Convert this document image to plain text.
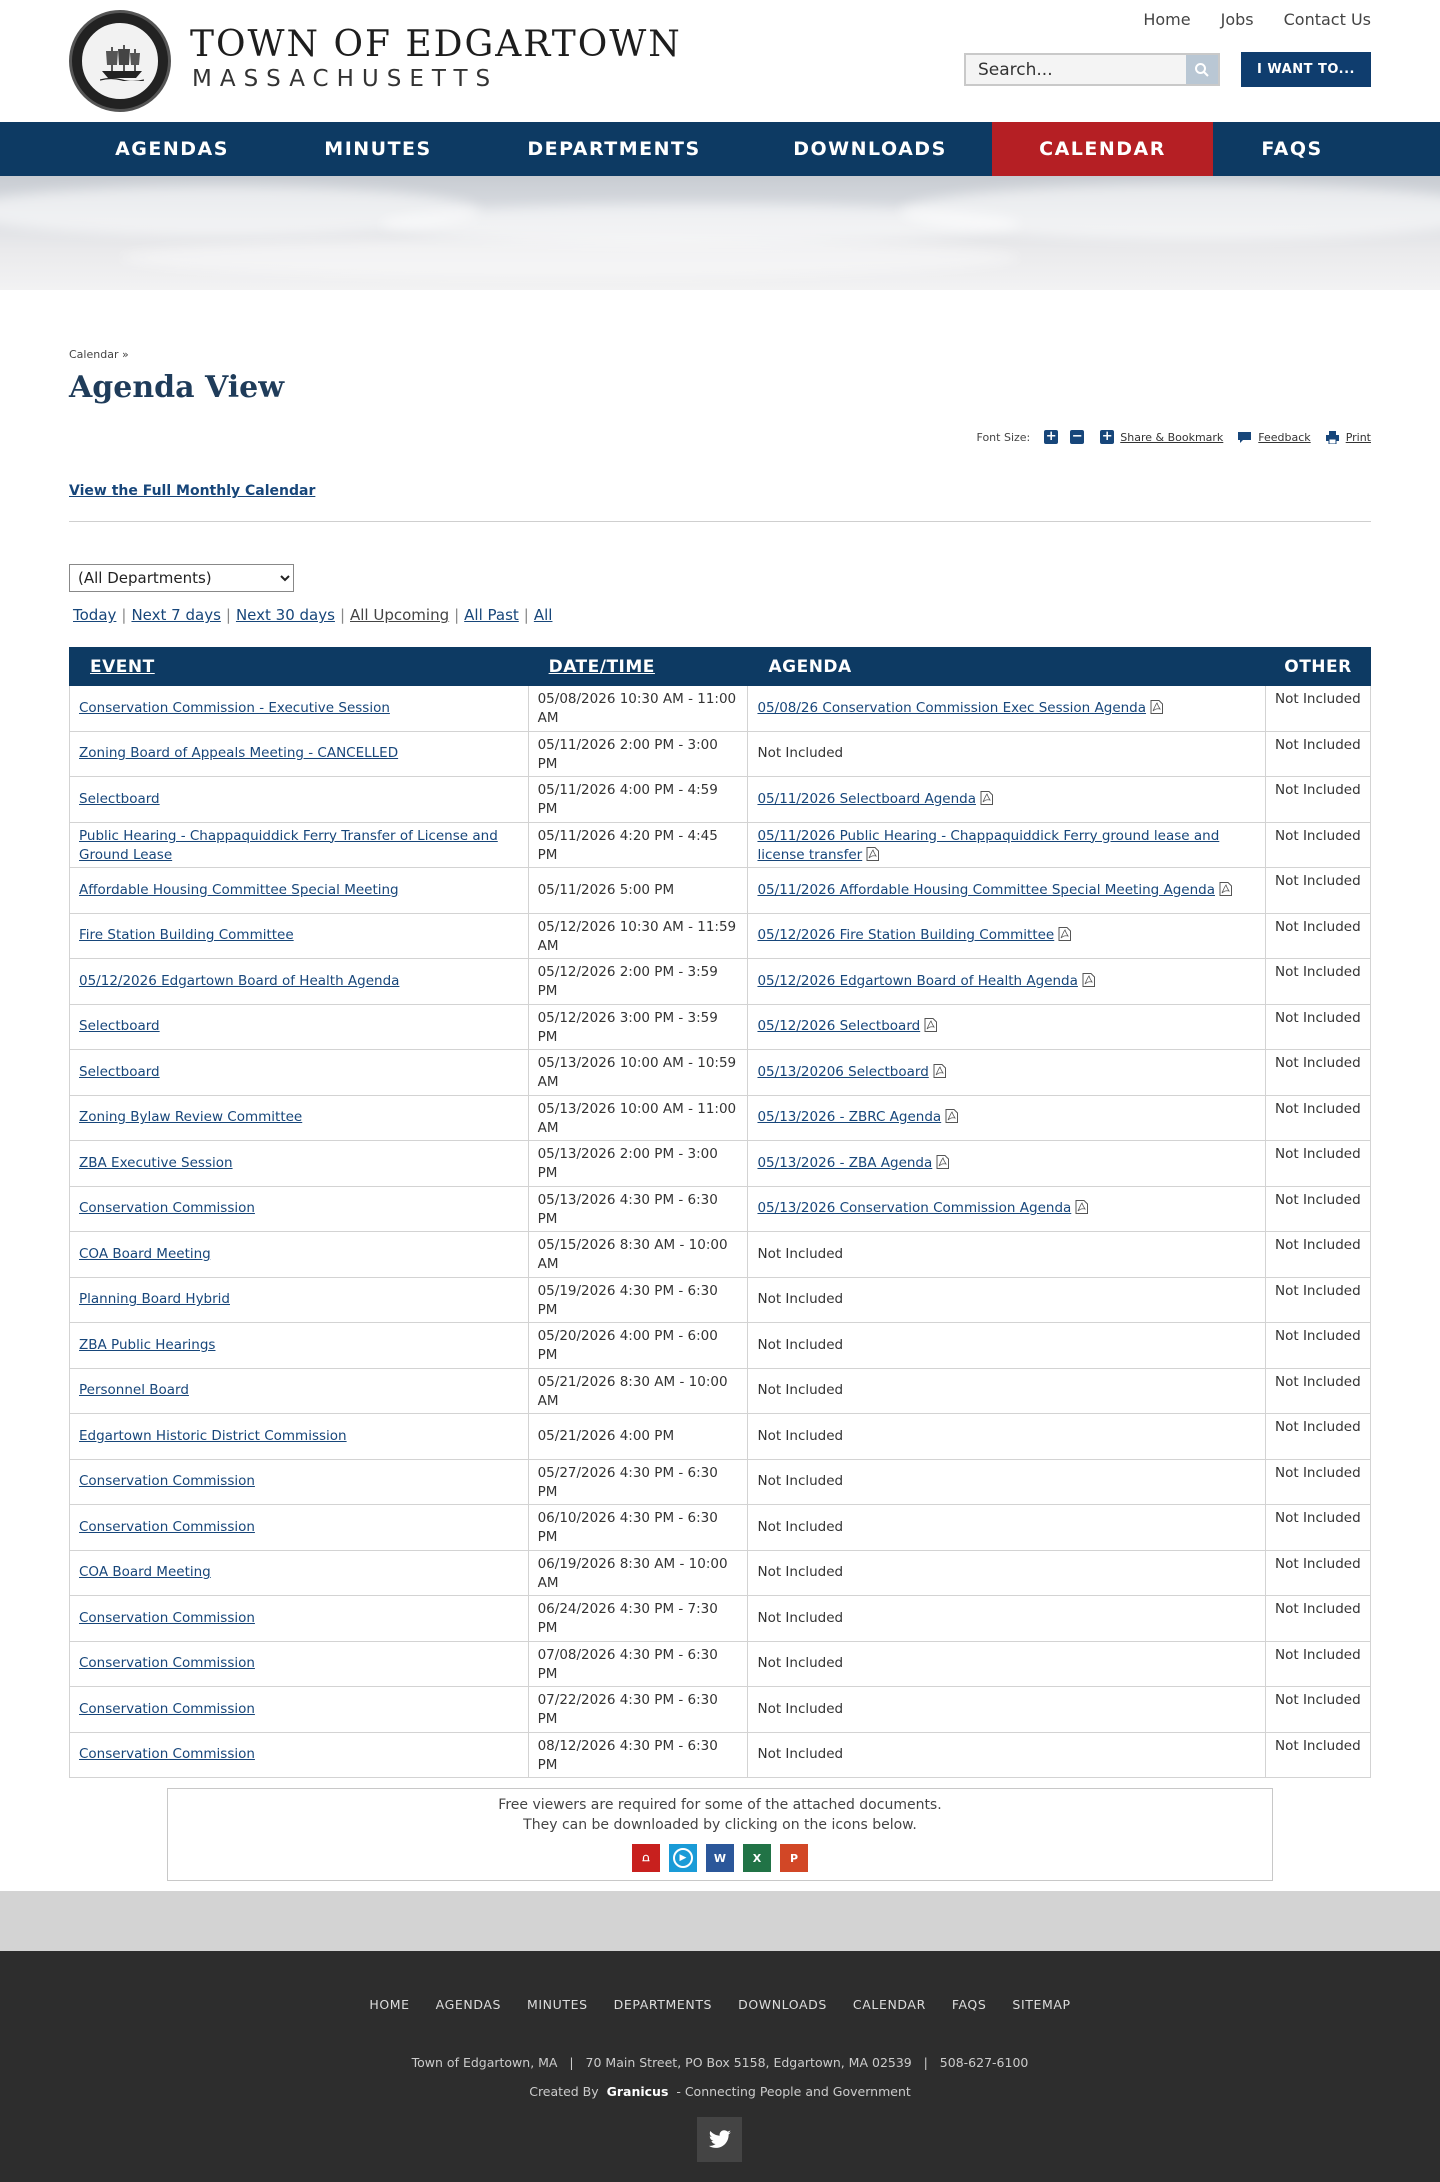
TOWN OF EDGARTOWN
MASSACHUSETTS
Home Jobs Contact Us
Search...
I WANT TO...
AGENDAS	MINUTES	DEPARTMENTS	DOWNLOADS	CALENDAR	FAQS
Calendar »
Agenda View
Font Size: + − + Share & Bookmark	Feedback	Print
View the Full Monthly Calendar
(All Departments)
Today | Next 7 days | Next 30 days | All Upcoming | All Past | All
EVENT	DATE/TIME	AGENDA	OTHER
Conservation Commission - Executive Session	05/08/2026 10:30 AM - 11:00 AM	05/08/26 Conservation Commission Exec Session Agenda	Not Included
Zoning Board of Appeals Meeting - CANCELLED	05/11/2026 2:00 PM - 3:00 PM	Not Included	Not Included
Selectboard	05/11/2026 4:00 PM - 4:59 PM	05/11/2026 Selectboard Agenda	Not Included
Public Hearing - Chappaquiddick Ferry Transfer of License and Ground Lease	05/11/2026 4:20 PM - 4:45 PM	05/11/2026 Public Hearing - Chappaquiddick Ferry ground lease and license transfer	Not Included
Affordable Housing Committee Special Meeting	05/11/2026 5:00 PM	05/11/2026 Affordable Housing Committee Special Meeting Agenda	Not Included
Fire Station Building Committee	05/12/2026 10:30 AM - 11:59 AM	05/12/2026 Fire Station Building Committee	Not Included
05/12/2026 Edgartown Board of Health Agenda	05/12/2026 2:00 PM - 3:59 PM	05/12/2026 Edgartown Board of Health Agenda	Not Included
Selectboard	05/12/2026 3:00 PM - 3:59 PM	05/12/2026 Selectboard	Not Included
Selectboard	05/13/2026 10:00 AM - 10:59 AM	05/13/20206 Selectboard	Not Included
Zoning Bylaw Review Committee	05/13/2026 10:00 AM - 11:00 AM	05/13/2026 - ZBRC Agenda	Not Included
ZBA Executive Session	05/13/2026 2:00 PM - 3:00 PM	05/13/2026 - ZBA Agenda	Not Included
Conservation Commission	05/13/2026 4:30 PM - 6:30 PM	05/13/2026 Conservation Commission Agenda	Not Included
COA Board Meeting	05/15/2026 8:30 AM - 10:00 AM	Not Included	Not Included
Planning Board Hybrid	05/19/2026 4:30 PM - 6:30 PM	Not Included	Not Included
ZBA Public Hearings	05/20/2026 4:00 PM - 6:00 PM	Not Included	Not Included
Personnel Board	05/21/2026 8:30 AM - 10:00 AM	Not Included	Not Included
Edgartown Historic District Commission	05/21/2026 4:00 PM	Not Included	Not Included
Conservation Commission	05/27/2026 4:30 PM - 6:30 PM	Not Included	Not Included
Conservation Commission	06/10/2026 4:30 PM - 6:30 PM	Not Included	Not Included
COA Board Meeting	06/19/2026 8:30 AM - 10:00 AM	Not Included	Not Included
Conservation Commission	06/24/2026 4:30 PM - 7:30 PM	Not Included	Not Included
Conservation Commission	07/08/2026 4:30 PM - 6:30 PM	Not Included	Not Included
Conservation Commission	07/22/2026 4:30 PM - 6:30 PM	Not Included	Not Included
Conservation Commission	08/12/2026 4:30 PM - 6:30 PM	Not Included	Not Included
Free viewers are required for some of the attached documents.
They can be downloaded by clicking on the icons below.
⩍	▶	W	X	P
HOME AGENDAS MINUTES DEPARTMENTS DOWNLOADS CALENDAR FAQS SITEMAP
Town of Edgartown, MA   |   70 Main Street, PO Box 5158, Edgartown, MA 02539   |   508-627-6100
Created By Granicus  - Connecting People and Government
